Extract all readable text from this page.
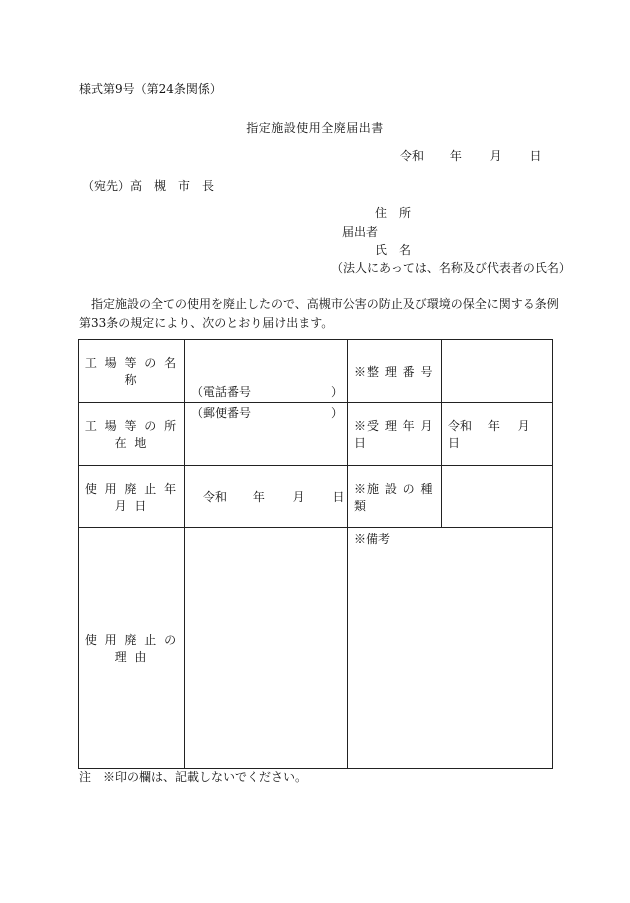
様式第9号（第24条関係）
指定施設使用全廃届出書
令和 年 月 日
（宛先）高　槻　市　長
住　所
届出者
氏　名
（法人にあっては、名称及び代表者の氏名）
指定施設の全ての使用を廃止したので、高槻市公害の防止及び環境の保全に関する条例
第33条の規定により、次のとおり届け出ます。
工 場 等 の 名 称	（電話番号 ）	※整 理 番 号	
工 場 等 の 所 在 地	（郵便番号 ）	※受 理 年 月 日	令和 年 月 日
使 用 廃 止 年 月 日	令和 年 月 日	※施 設 の 種 類	
使 用 廃 止 の 理 由		※備考	
注　※印の欄は、記載しないでください。
